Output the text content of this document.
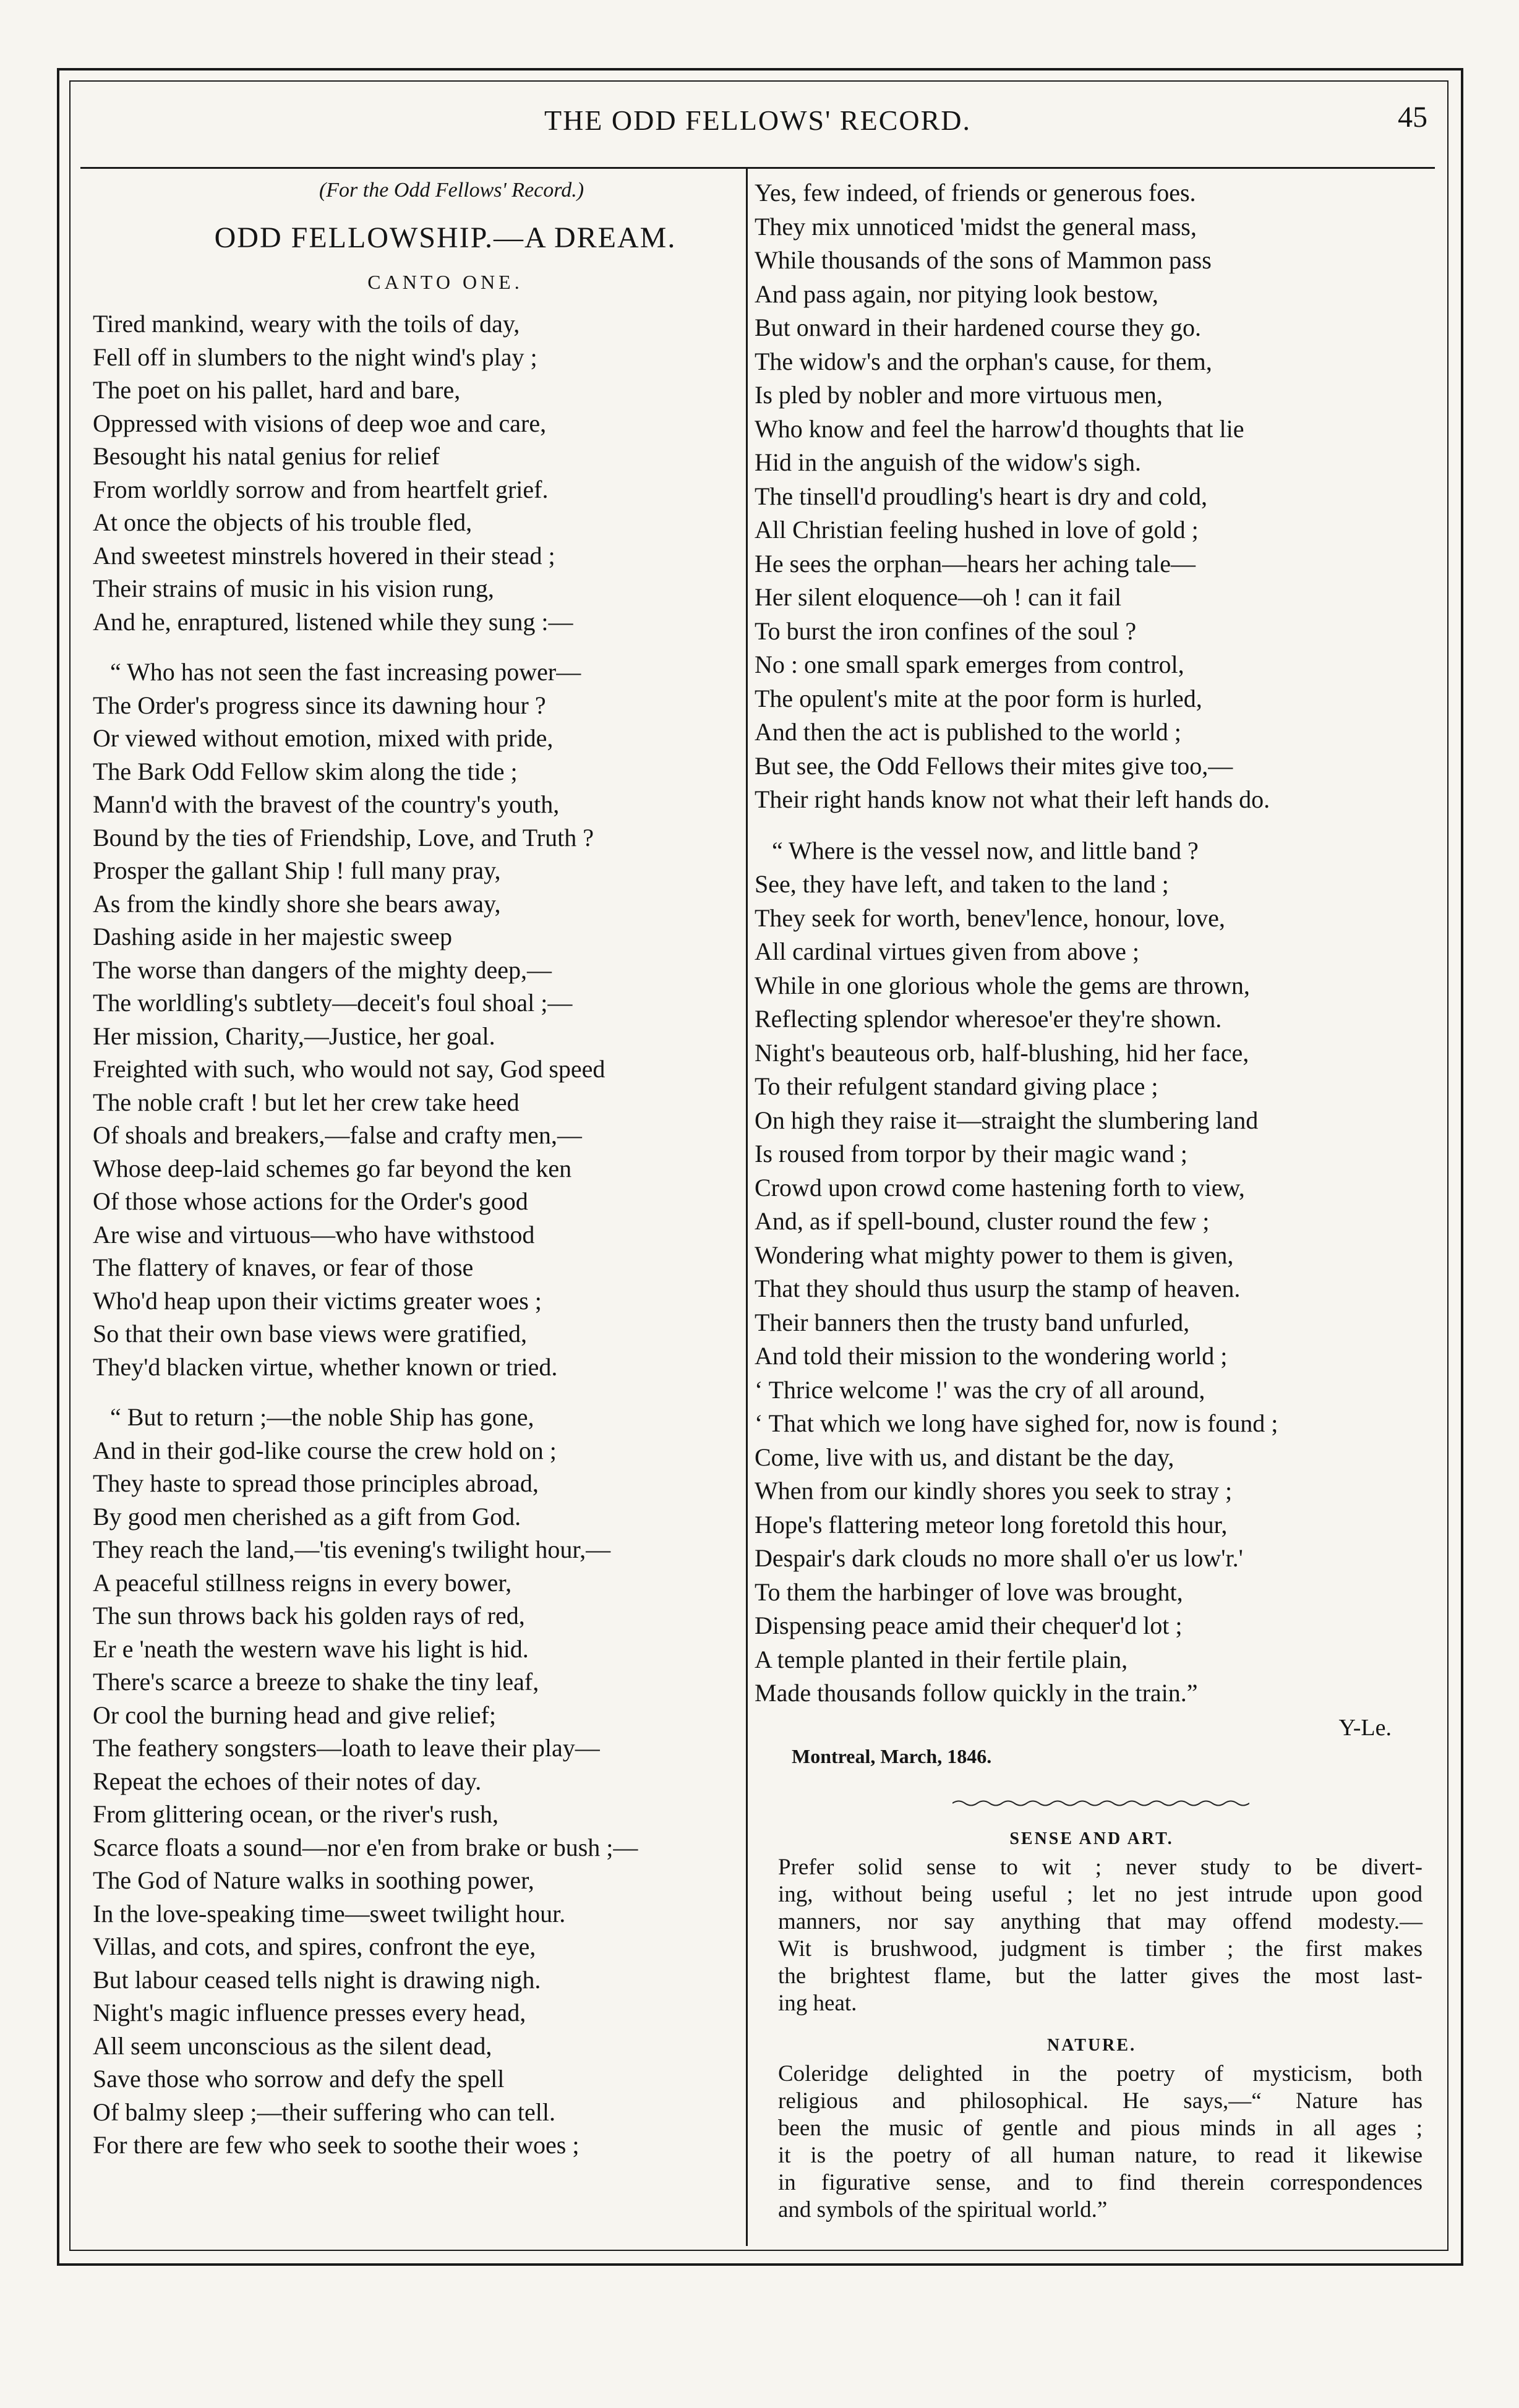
THE ODD FELLOWS' RECORD.	45
(For the Odd Fellows' Record.)
ODD FELLOWSHIP.—A DREAM.
CANTO ONE.
Tired mankind, weary with the toils of day,
Fell off in slumbers to the night wind's play ;
The poet on his pallet, hard and bare,
Oppressed with visions of deep woe and care,
Besought his natal genius for relief
From worldly sorrow and from heartfelt grief.
At once the objects of his trouble fled,
And sweetest minstrels hovered in their stead ;
Their strains of music in his vision rung,
And he, enraptured, listened while they sung :—
“ Who has not seen the fast increasing power—
The Order's progress since its dawning hour ?
Or viewed without emotion, mixed with pride,
The Bark Odd Fellow skim along the tide ;
Mann'd with the bravest of the country's youth,
Bound by the ties of Friendship, Love, and Truth ?
Prosper the gallant Ship ! full many pray,
As from the kindly shore she bears away,
Dashing aside in her majestic sweep
The worse than dangers of the mighty deep,—
The worldling's subtlety—deceit's foul shoal ;—
Her mission, Charity,—Justice, her goal.
Freighted with such, who would not say, God speed
The noble craft ! but let her crew take heed
Of shoals and breakers,—false and crafty men,—
Whose deep-laid schemes go far beyond the ken
Of those whose actions for the Order's good
Are wise and virtuous—who have withstood
The flattery of knaves, or fear of those
Who'd heap upon their victims greater woes ;
So that their own base views were gratified,
They'd blacken virtue, whether known or tried.
“ But to return ;—the noble Ship has gone,
And in their god-like course the crew hold on ;
They haste to spread those principles abroad,
By good men cherished as a gift from God.
They reach the land,—'tis evening's twilight hour,—
A peaceful stillness reigns in every bower,
The sun throws back his golden rays of red,
Er e 'neath the western wave his light is hid.
There's scarce a breeze to shake the tiny leaf,
Or cool the burning head and give relief;
The feathery songsters—loath to leave their play—
Repeat the echoes of their notes of day.
From glittering ocean, or the river's rush,
Scarce floats a sound—nor e'en from brake or bush ;—
The God of Nature walks in soothing power,
In the love-speaking time—sweet twilight hour.
Villas, and cots, and spires, confront the eye,
But labour ceased tells night is drawing nigh.
Night's magic influence presses every head,
All seem unconscious as the silent dead,
Save those who sorrow and defy the spell
Of balmy sleep ;—their suffering who can tell.
For there are few who seek to soothe their woes ;
Yes, few indeed, of friends or generous foes.
They mix unnoticed 'midst the general mass,
While thousands of the sons of Mammon pass
And pass again, nor pitying look bestow,
But onward in their hardened course they go.
The widow's and the orphan's cause, for them,
Is pled by nobler and more virtuous men,
Who know and feel the harrow'd thoughts that lie
Hid in the anguish of the widow's sigh.
The tinsell'd proudling's heart is dry and cold,
All Christian feeling hushed in love of gold ;
He sees the orphan—hears her aching tale—
Her silent eloquence—oh ! can it fail
To burst the iron confines of the soul ?
No : one small spark emerges from control,
The opulent's mite at the poor form is hurled,
And then the act is published to the world ;
But see, the Odd Fellows their mites give too,—
Their right hands know not what their left hands do.
“ Where is the vessel now, and little band ?
See, they have left, and taken to the land ;
They seek for worth, benev'lence, honour, love,
All cardinal virtues given from above ;
While in one glorious whole the gems are thrown,
Reflecting splendor wheresoe'er they're shown.
Night's beauteous orb, half-blushing, hid her face,
To their refulgent standard giving place ;
On high they raise it—straight the slumbering land
Is roused from torpor by their magic wand ;
Crowd upon crowd come hastening forth to view,
And, as if spell-bound, cluster round the few ;
Wondering what mighty power to them is given,
That they should thus usurp the stamp of heaven.
Their banners then the trusty band unfurled,
And told their mission to the wondering world ;
‘ Thrice welcome !' was the cry of all around,
‘ That which we long have sighed for, now is found ;
Come, live with us, and distant be the day,
When from our kindly shores you seek to stray ;
Hope's flattering meteor long foretold this hour,
Despair's dark clouds no more shall o'er us low'r.'
To them the harbinger of love was brought,
Dispensing peace amid their chequer'd lot ;
A temple planted in their fertile plain,
Made thousands follow quickly in the train.”
Y-Le.
Montreal, March, 1846.
SENSE AND ART.
Prefer solid sense to wit ; never study to be divert-
ing, without being useful ; let no jest intrude upon good
manners, nor say anything that may offend modesty.—
Wit is brushwood, judgment is timber ; the first makes
the brightest flame, but the latter gives the most last-
ing heat.
NATURE.
Coleridge delighted in the poetry of mysticism, both
religious and philosophical. He says,—“ Nature has
been the music of gentle and pious minds in all ages ;
it is the poetry of all human nature, to read it likewise
in figurative sense, and to find therein correspondences
and symbols of the spiritual world.”
